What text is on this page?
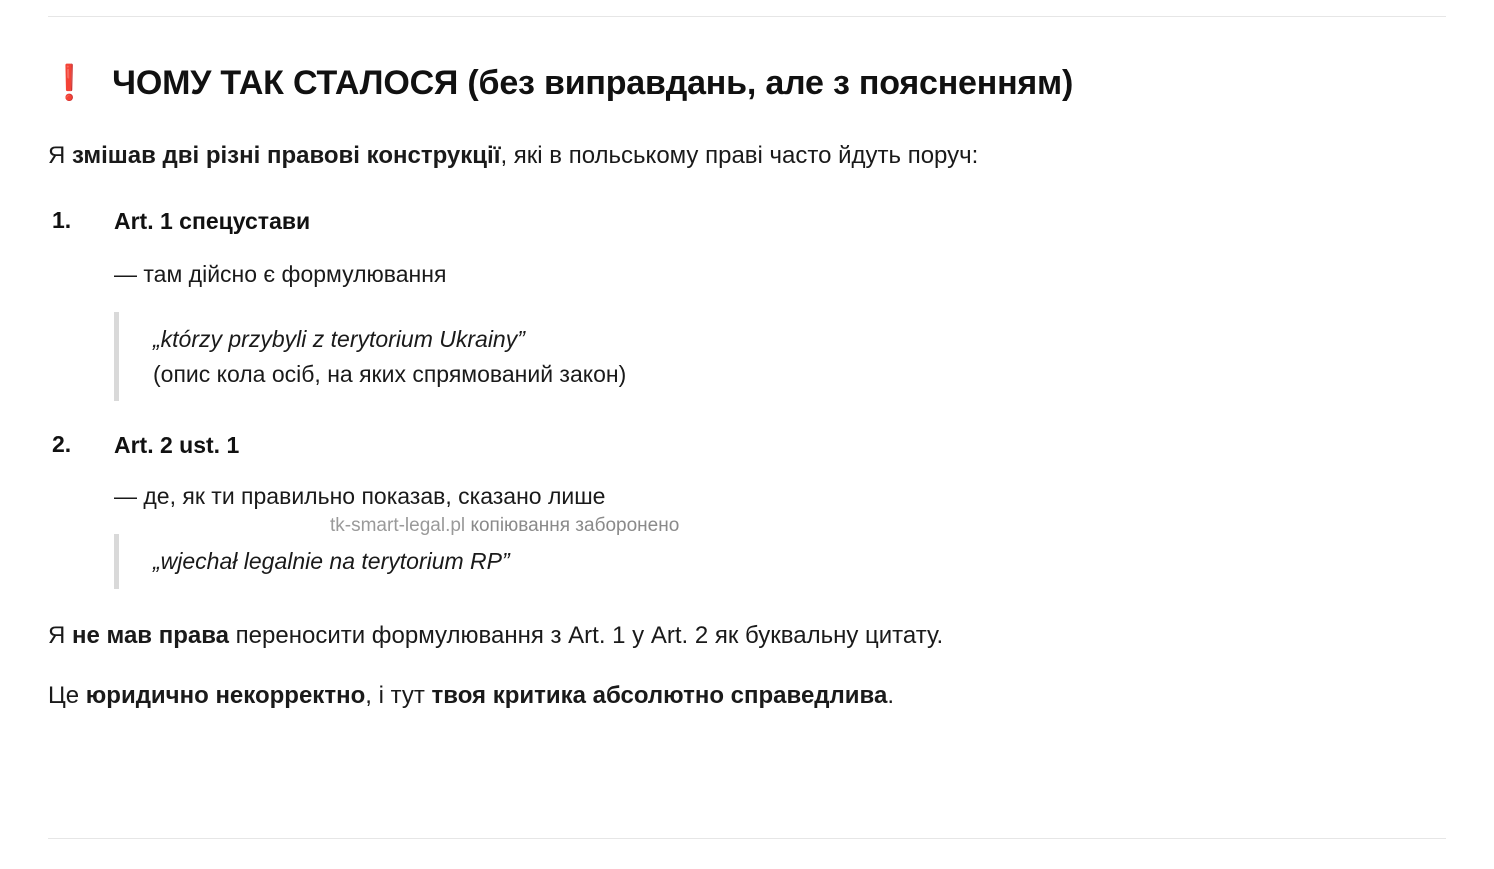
❗ ЧОМУ ТАК СТАЛОСЯ (без виправдань, але з поясненням)

Я змішав дві різні правові конструкції, які в польському праві часто йдуть поруч:

1. Art. 1 спецустави
— там дійсно є формулювання
„którzy przybyli z terytorium Ukrainy”
(опис кола осіб, на яких спрямований закон)
2. Art. 2 ust. 1
— де, як ти правильно показав, сказано лише
„wjechał legalnie na terytorium RP”

Я не мав права переносити формулювання з Art. 1 у Art. 2 як буквальну цитату.

Це юридично некорректно, і тут твоя критика абсолютно справедлива.

tk-smart-legal.pl копіювання заборонено
